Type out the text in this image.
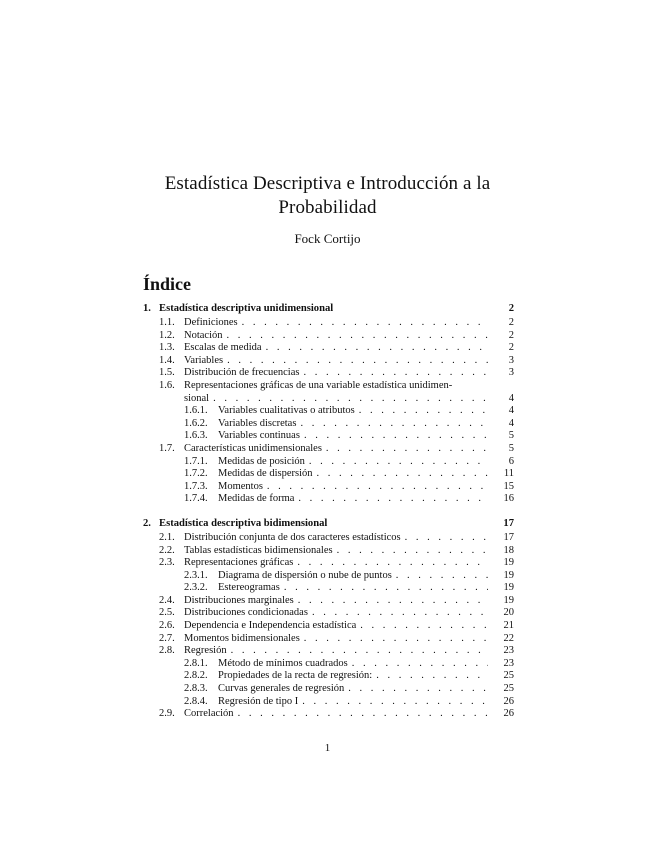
Estadística Descriptiva e Introducción a la
Probabilidad
Fock Cortijo
Índice
1. Estadística descriptiva unidimensional	2
1.1. Definiciones . . .	2
1.2. Notación . . .	2
1.3. Escalas de medida . . .	2
1.4. Variables . . .	3
1.5. Distribución de frecuencias . . .	3
1.6. Representaciones gráficas de una variable estadística unidimen-
sional . . .	4
1.6.1. Variables cualitativas o atributos . . .	4
1.6.2. Variables discretas . . .	4
1.6.3. Variables continuas . . .	5
1.7. Características unidimensionales . . .	5
1.7.1. Medidas de posición . . .	6
1.7.2. Medidas de dispersión . . .	11
1.7.3. Momentos . . .	15
1.7.4. Medidas de forma . . .	16
2. Estadística descriptiva bidimensional	17
2.1. Distribución conjunta de dos caracteres estadísticos . . .	17
2.2. Tablas estadísticas bidimensionales . . .	18
2.3. Representaciones gráficas . . .	19
2.3.1. Diagrama de dispersión o nube de puntos . . .	19
2.3.2. Estereogramas . . .	19
2.4. Distribuciones marginales . . .	19
2.5. Distribuciones condicionadas . . .	20
2.6. Dependencia e Independencia estadística . . .	21
2.7. Momentos bidimensionales . . .	22
2.8. Regresión . . .	23
2.8.1. Método de mínimos cuadrados . . .	23
2.8.2. Propiedades de la recta de regresión: . . .	25
2.8.3. Curvas generales de regresión . . .	25
2.8.4. Regresión de tipo I . . .	26
2.9. Correlación . . .	26
1
